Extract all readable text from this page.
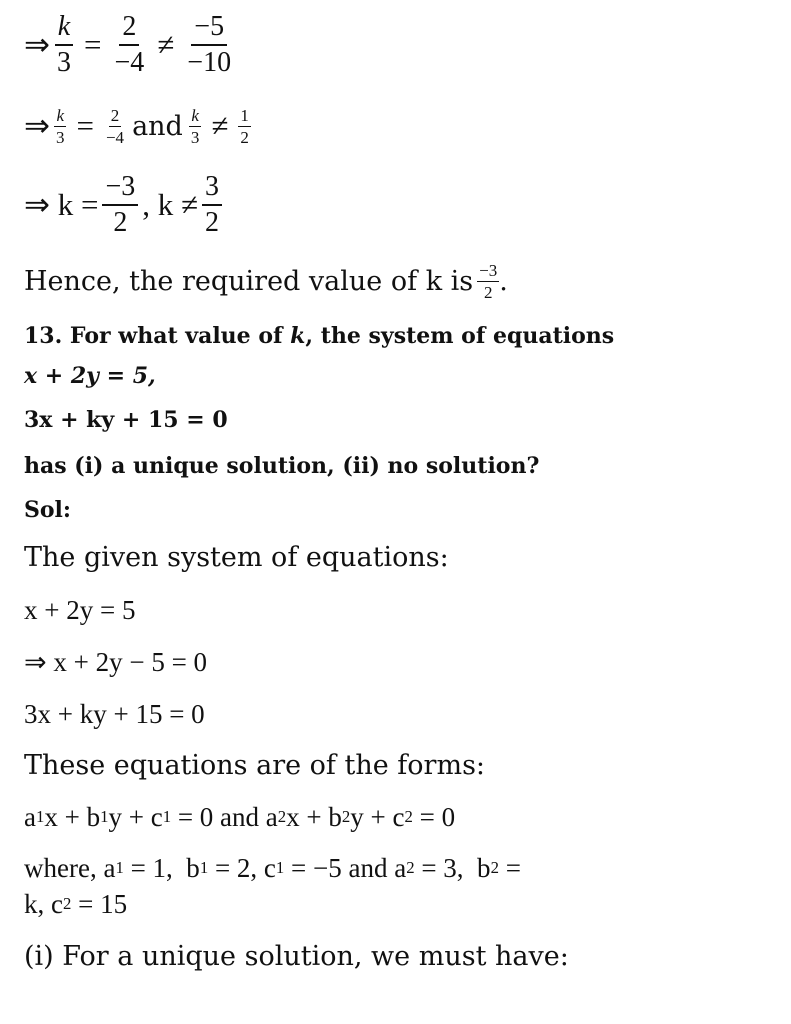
⇒ $\frac{k}{3} = \frac{2}{-4} \ne \frac{-5}{-10}$
⇒ $\frac{k}{3} = \frac{2}{-4}$ and $\frac{k}{3} \ne \frac{1}{2}$
⇒ $k = \frac{-3}{2}$ , $k \ne \frac{3}{2}$
Hence, the required value of k is $\frac{-3}{2}$ .
13. For what value of
k , the system of equations
x + 2y = 5,
3x + ky + 15 = 0
has (i) a unique solution, (ii) no solution?
Sol:
The given system of equations:
x + 2y = 5
⇒ x + 2y − 5 = 0
3x + ky + 15 = 0
These equations are of the forms:
a 1 x + b 1 y + c 1 = 0 and a 2 x + b 2 y + c 2 = 0
where, a 1 = 1,  b 1 = 2, c 1 = −5 and a 2 = 3,  b 2 =
k, c 2 = 15
(i) For a unique solution, we must have:
